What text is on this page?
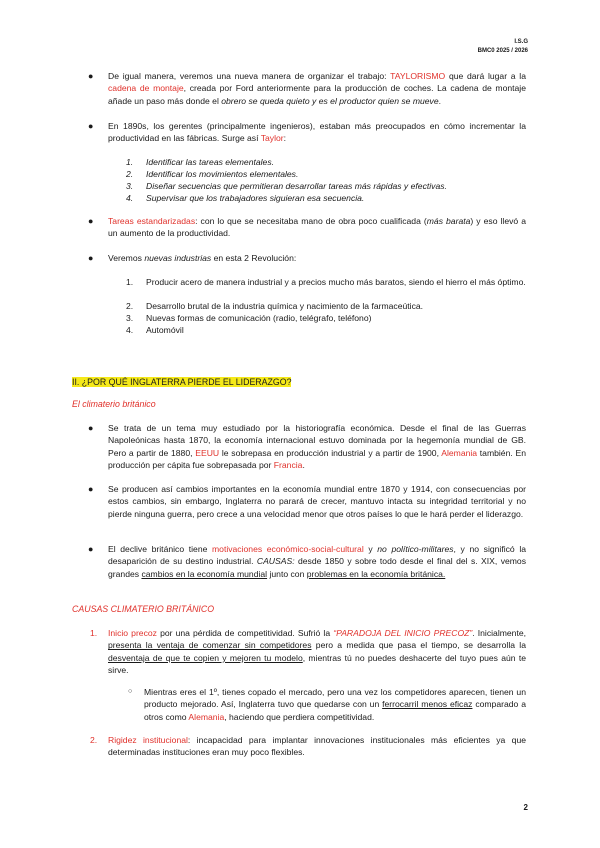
I.S.G
BMC0 2025 / 2026
● De igual manera, veremos una nueva manera de organizar el trabajo: TAYLORISMO que dará lugar a la cadena de montaje, creada por Ford anteriormente para la producción de coches. La cadena de montaje añade un paso más donde el obrero se queda quieto y es el productor quien se mueve.
● En 1890s, los gerentes (principalmente ingenieros), estaban más preocupados en cómo incrementar la productividad en las fábricas. Surge así Taylor:
1.	Identificar las tareas elementales.
2.	Identificar los movimientos elementales.
3.	Diseñar secuencias que permitieran desarrollar tareas más rápidas y efectivas.
4.	Supervisar que los trabajadores siguieran esa secuencia.
● Tareas estandarizadas: con lo que se necesitaba mano de obra poco cualificada (más barata) y eso llevó a un aumento de la productividad.
● Veremos nuevas industrias en esta 2 Revolución:
1.	Producir acero de manera industrial y a precios mucho más baratos, siendo el hierro el más óptimo.
2.	Desarrollo brutal de la industria química y nacimiento de la farmaceútica.
3.	Nuevas formas de comunicación (radio, telégrafo, teléfono)
4.	Automóvil
II. ¿POR QUÉ INGLATERRA PIERDE EL LIDERAZGO?
El climaterio británico
● Se trata de un tema muy estudiado por la historiografía económica. Desde el final de las Guerras Napoleónicas hasta 1870, la economía internacional estuvo dominada por la hegemonía mundial de GB. Pero a partir de 1880, EEUU le sobrepasa en producción industrial y a partir de 1900, Alemania también. En producción per cápita fue sobrepasada por Francia.
● Se producen así cambios importantes en la economía mundial entre 1870 y 1914, con consecuencias por estos cambios, sin embargo, Inglaterra no parará de crecer, mantuvo intacta su integridad territorial y no pierde ninguna guerra, pero crece a una velocidad menor que otros países lo que le hará perder el liderazgo.
● El declive británico tiene motivaciones económico-social-cultural y no político-militares, y no significó la desaparición de su destino industrial. CAUSAS: desde 1850 y sobre todo desde el final del s. XIX, vemos grandes cambios en la economía mundial junto con problemas en la economía británica.
CAUSAS CLIMATERIO BRITÁNICO
1. Inicio precoz por una pérdida de competitividad. Sufrió la “PARADOJA DEL INICIO PRECOZ”. Inicialmente, presenta la ventaja de comenzar sin competidores pero a medida que pasa el tiempo, se desarrolla la desventaja de que te copien y mejoren tu modelo, mientras tú no puedes deshacerte del tuyo pues aún te sirve.
○ Mientras eres el 1º, tienes copado el mercado, pero una vez los competidores aparecen, tienen un producto mejorado. Así, Inglaterra tuvo que quedarse con un ferrocarril menos eficaz comparado a otros como Alemania, haciendo que perdiera competitividad.
2. Rigidez institucional: incapacidad para implantar innovaciones institucionales más eficientes ya que determinadas instituciones eran muy poco flexibles.
2
